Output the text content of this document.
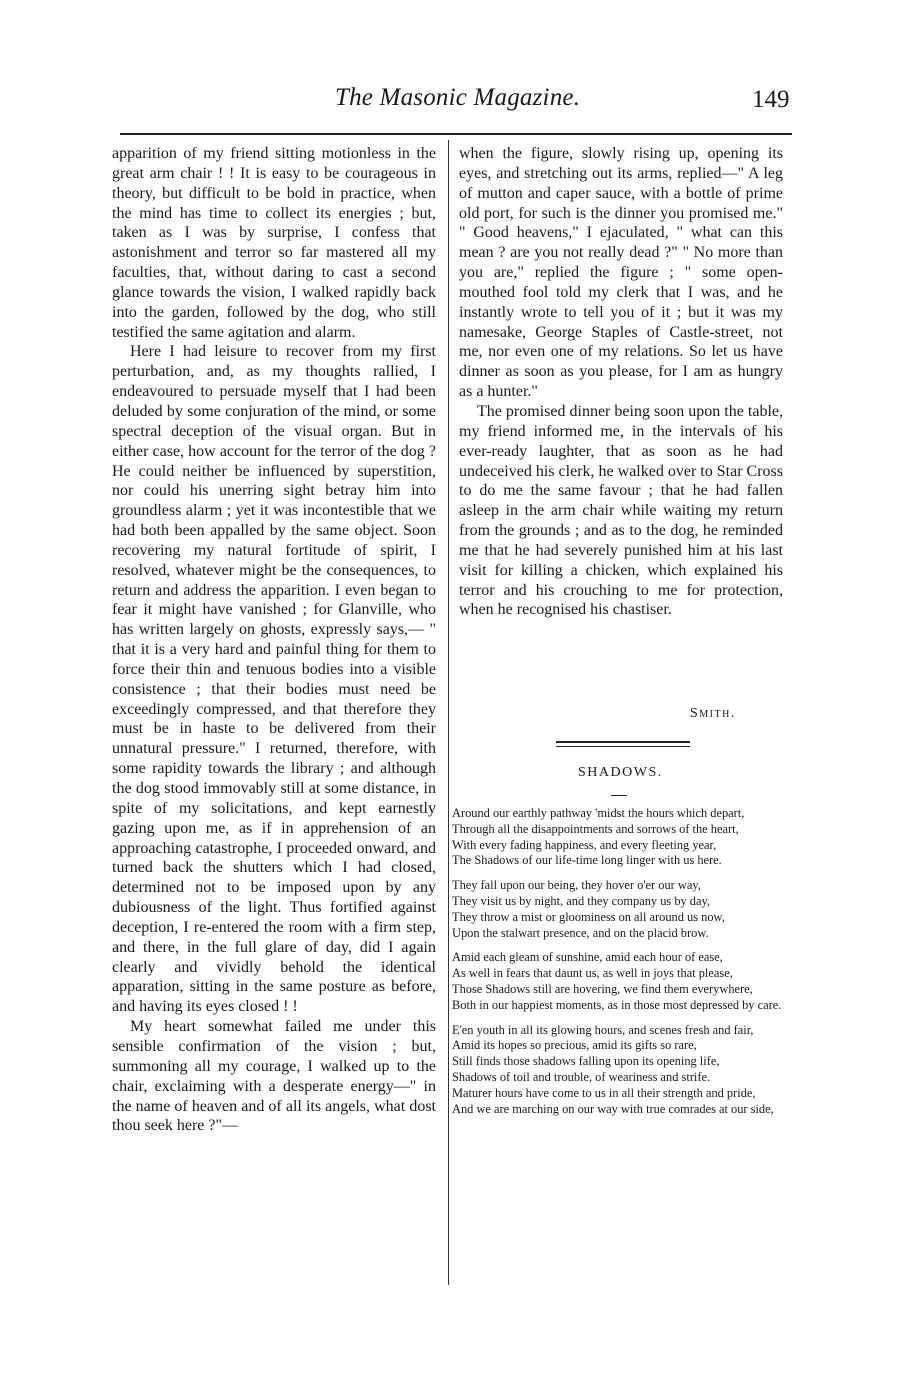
The Masonic Magazine.	149

apparition of my friend sitting motionless in the great arm chair ! ! It is easy to be courageous in theory, but difficult to be bold in practice, when the mind has time to collect its energies ; but, taken as I was by surprise, I confess that astonishment and terror so far mastered all my faculties, that, without daring to cast a second glance towards the vision, I walked rapidly back into the garden, followed by the dog, who still testified the same agitation and alarm.

Here I had leisure to recover from my first perturbation, and, as my thoughts rallied, I endeavoured to persuade myself that I had been deluded by some conjuration of the mind, or some spectral deception of the visual organ. But in either case, how account for the terror of the dog ? He could neither be influenced by superstition, nor could his unerring sight betray him into groundless alarm ; yet it was incontestible that we had both been appalled by the same object. Soon recovering my natural fortitude of spirit, I resolved, whatever might be the consequences, to return and address the apparition. I even began to fear it might have vanished ; for Glanville, who has written largely on ghosts, expressly says,— " that it is a very hard and painful thing for them to force their thin and tenuous bodies into a visible consistence ; that their bodies must need be exceedingly compressed, and that therefore they must be in haste to be delivered from their unnatural pressure." I returned, therefore, with some rapidity towards the library ; and although the dog stood immovably still at some distance, in spite of my solicitations, and kept earnestly gazing upon me, as if in apprehension of an approaching catastrophe, I proceeded onward, and turned back the shutters which I had closed, determined not to be imposed upon by any dubiousness of the light. Thus fortified against deception, I re-entered the room with a firm step, and there, in the full glare of day, did I again clearly and vividly behold the identical apparation, sitting in the same posture as before, and having its eyes closed ! !

My heart somewhat failed me under this sensible confirmation of the vision ; but, summoning all my courage, I walked up to the chair, exclaiming with a desperate energy—" in the name of heaven and of all its angels, what dost thou seek here ?"—

when the figure, slowly rising up, opening its eyes, and stretching out its arms, replied—" A leg of mutton and caper sauce, with a bottle of prime old port, for such is the dinner you promised me." " Good heavens," I ejaculated, " what can this mean ? are you not really dead ?" " No more than you are," replied the figure ; " some open-mouthed fool told my clerk that I was, and he instantly wrote to tell you of it ; but it was my namesake, George Staples of Castle-street, not me, nor even one of my relations. So let us have dinner as soon as you please, for I am as hungry as a hunter."

The promised dinner being soon upon the table, my friend informed me, in the intervals of his ever-ready laughter, that as soon as he had undeceived his clerk, he walked over to Star Cross to do me the same favour ; that he had fallen asleep in the arm chair while waiting my return from the grounds ; and as to the dog, he reminded me that he had severely punished him at his last visit for killing a chicken, which explained his terror and his crouching to me for protection, when he recognised his chastiser.

Smith.
SHADOWS.
Around our earthly pathway 'midst the hours which depart,
Through all the disappointments and sorrows of the heart,
With every fading happiness, and every fleeting year,
The Shadows of our life-time long linger with us here.
They fall upon our being, they hover o'er our way,
They visit us by night, and they company us by day,
They throw a mist or gloominess on all around us now,
Upon the stalwart presence, and on the placid brow.
Amid each gleam of sunshine, amid each hour of ease,
As well in fears that daunt us, as well in joys that please,
Those Shadows still are hovering, we find them everywhere,
Both in our happiest moments, as in those most depressed by care.
E'en youth in all its glowing hours, and scenes fresh and fair,
Amid its hopes so precious, amid its gifts so rare,
Still finds those shadows falling upon its opening life,
Shadows of toil and trouble, of weariness and strife.
Maturer hours have come to us in all their strength and pride,
And we are marching on our way with true comrades at our side,
